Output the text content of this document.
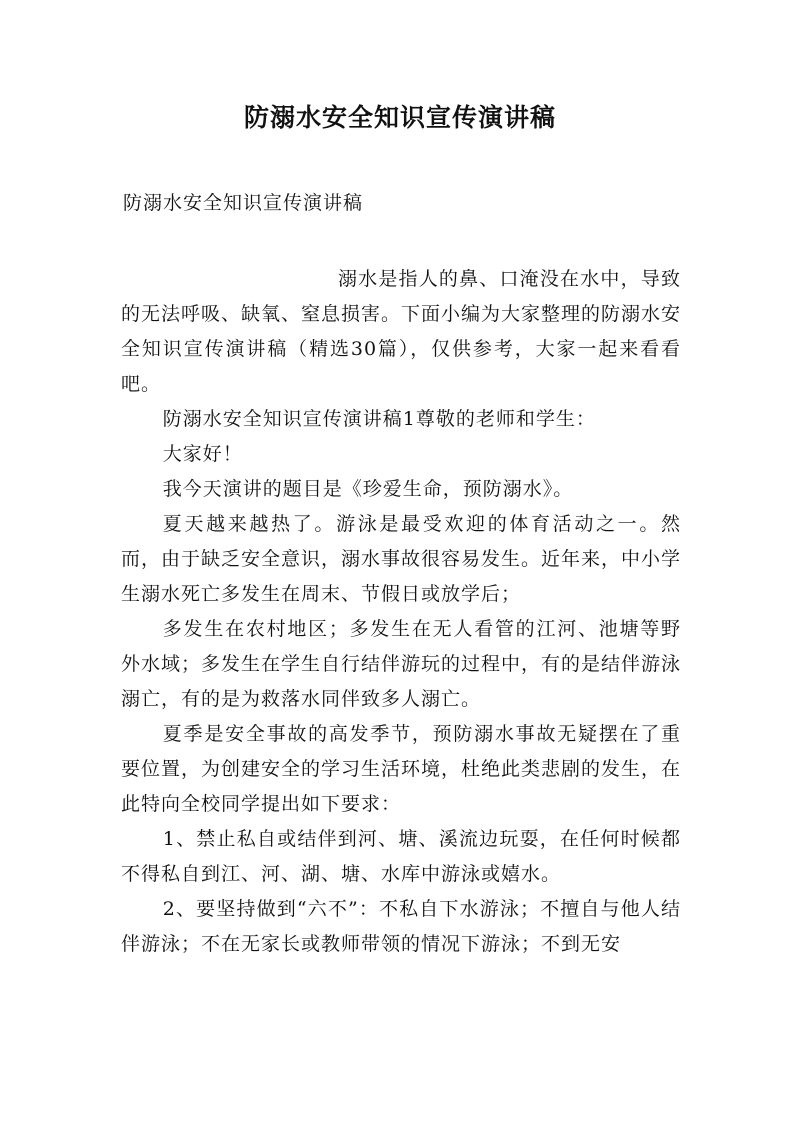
防溺水安全知识宣传演讲稿

防溺水安全知识宣传演讲稿

溺水是指人的鼻、口淹没在水中，导致的无法呼吸、缺氧、窒息损害。下面小编为大家整理的防溺水安全知识宣传演讲稿（精选30篇），仅供参考，大家一起来看看吧。

防溺水安全知识宣传演讲稿1尊敬的老师和学生：

大家好！

我今天演讲的题目是《珍爱生命，预防溺水》。

夏天越来越热了。游泳是最受欢迎的体育活动之一。然而，由于缺乏安全意识，溺水事故很容易发生。近年来，中小学生溺水死亡多发生在周末、节假日或放学后；

多发生在农村地区；多发生在无人看管的江河、池塘等野外水域；多发生在学生自行结伴游玩的过程中，有的是结伴游泳溺亡，有的是为救落水同伴致多人溺亡。

夏季是安全事故的高发季节，预防溺水事故无疑摆在了重要位置，为创建安全的学习生活环境，杜绝此类悲剧的发生，在此特向全校同学提出如下要求：

1、禁止私自或结伴到河、塘、溪流边玩耍，在任何时候都不得私自到江、河、湖、塘、水库中游泳或嬉水。

2、要坚持做到“六不”：不私自下水游泳；不擅自与他人结伴游泳；不在无家长或教师带领的情况下游泳；不到无安
